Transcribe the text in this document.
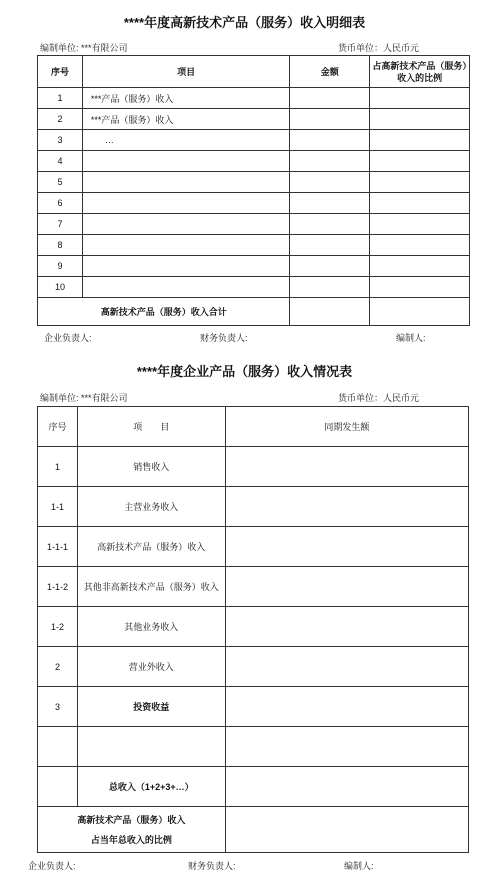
****年度高新技术产品（服务）收入明细表
编制单位: ***有限公司	货币单位：人民币元
序号	项目	金额	占高新技术产品（服务）收入的比例
1	***产品（服务）收入		
2	***产品（服务）收入		
3	…		
4			
5			
6			
7			
8			
9			
10			
高新技术产品（服务）收入合计			
企业负责人:	财务负责人:	编制人:
****年度企业产品（服务）收入情况表
编制单位: ***有限公司	货币单位：人民币元
序号	项　　目	同期发生额
1	销售收入	
1-1	主营业务收入	
1-1-1	高新技术产品（服务）收入	
1-1-2	其他非高新技术产品（服务）收入	
1-2	其他业务收入	
2	营业外收入	
3	投资收益	

	总收入（1+2+3+…）	

高新技术产品（服务）收入
占当年总收入的比例		

企业负责人:	财务负责人:	编制人:
